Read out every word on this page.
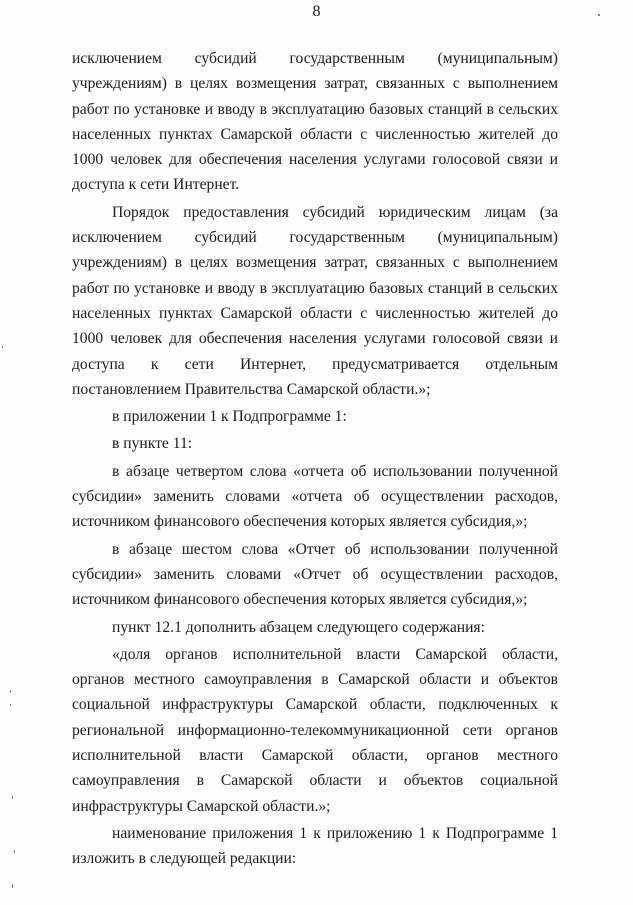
8

исключением субсидий государственным (муниципальным) учреждениям) в целях возмещения затрат, связанных с выполнением работ по установке и вводу в эксплуатацию базовых станций в сельских населенных пунктах Самарской области с численностью жителей до 1000 человек для обеспечения населения услугами голосовой связи и доступа к сети Интернет.

Порядок предоставления субсидий юридическим лицам (за исключением субсидий государственным (муниципальным) учреждениям) в целях возмещения затрат, связанных с выполнением работ по установке и вводу в эксплуатацию базовых станций в сельских населенных пунктах Самарской области с численностью жителей до 1000 человек для обеспечения населения услугами голосовой связи и доступа к сети Интернет, предусматривается отдельным постановлением Правительства Самарской области.»;

в приложении 1 к Подпрограмме 1:

в пункте 11:

в абзаце четвертом слова «отчета об использовании полученной субсидии» заменить словами «отчета об осуществлении расходов, источником финансового обеспечения которых является субсидия,»;

в абзаце шестом слова «Отчет об использовании полученной субсидии» заменить словами «Отчет об осуществлении расходов, источником финансового обеспечения которых является субсидия,»;

пункт 12.1 дополнить абзацем следующего содержания:

«доля органов исполнительной власти Самарской области, органов местного самоуправления в Самарской области и объектов социальной инфраструктуры Самарской области, подключенных к региональной информационно-телекоммуникационной сети органов исполнительной власти Самарской области, органов местного самоуправления в Самарской области и объектов социальной инфраструктуры Самарской области.»;

наименование приложения 1 к приложению 1 к Подпрограмме 1 изложить в следующей редакции:
